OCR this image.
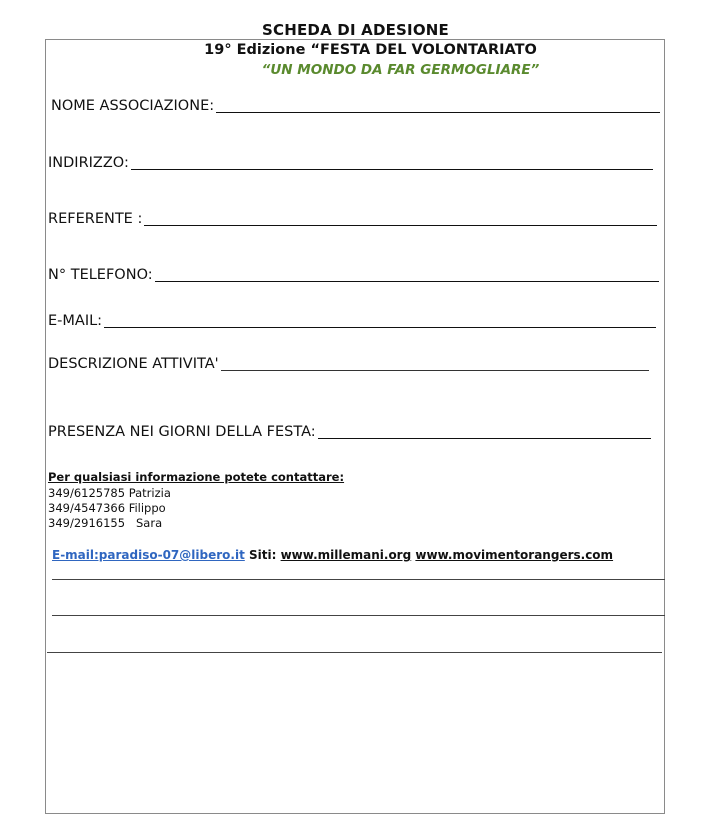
SCHEDA DI ADESIONE
19° Edizione “FESTA DEL VOLONTARIATO
“UN MONDO DA FAR GERMOGLIARE”
NOME ASSOCIAZIONE:
INDIRIZZO:
REFERENTE :
N° TELEFONO:
E-MAIL:
DESCRIZIONE ATTIVITA'
PRESENZA NEI GIORNI DELLA FESTA:
Per qualsiasi informazione potete contattare:
349/6125785 Patrizia
349/4547366 Filippo
349/2916155   Sara
E-mail:paradiso-07@libero.it Siti: www.millemani.org www.movimentorangers.com
